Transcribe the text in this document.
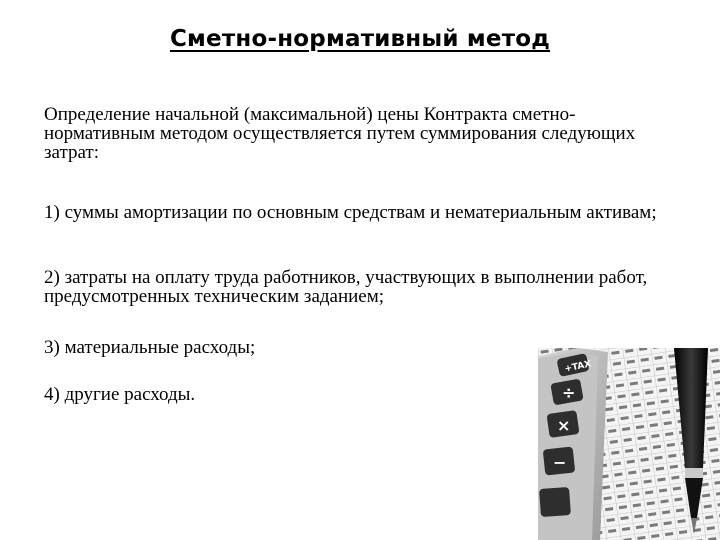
Сметно-нормативный метод
Определение начальной (максимальной) цены Контракта сметно-нормативным методом осуществляется путем суммирования следующих затрат:
1) суммы амортизации по основным средствам и нематериальным активам;
2) затраты на оплату труда работников, участвующих в выполнении работ, предусмотренных техническим заданием;
3) материальные расходы;
4) другие расходы.
+TAX
÷
×
−
